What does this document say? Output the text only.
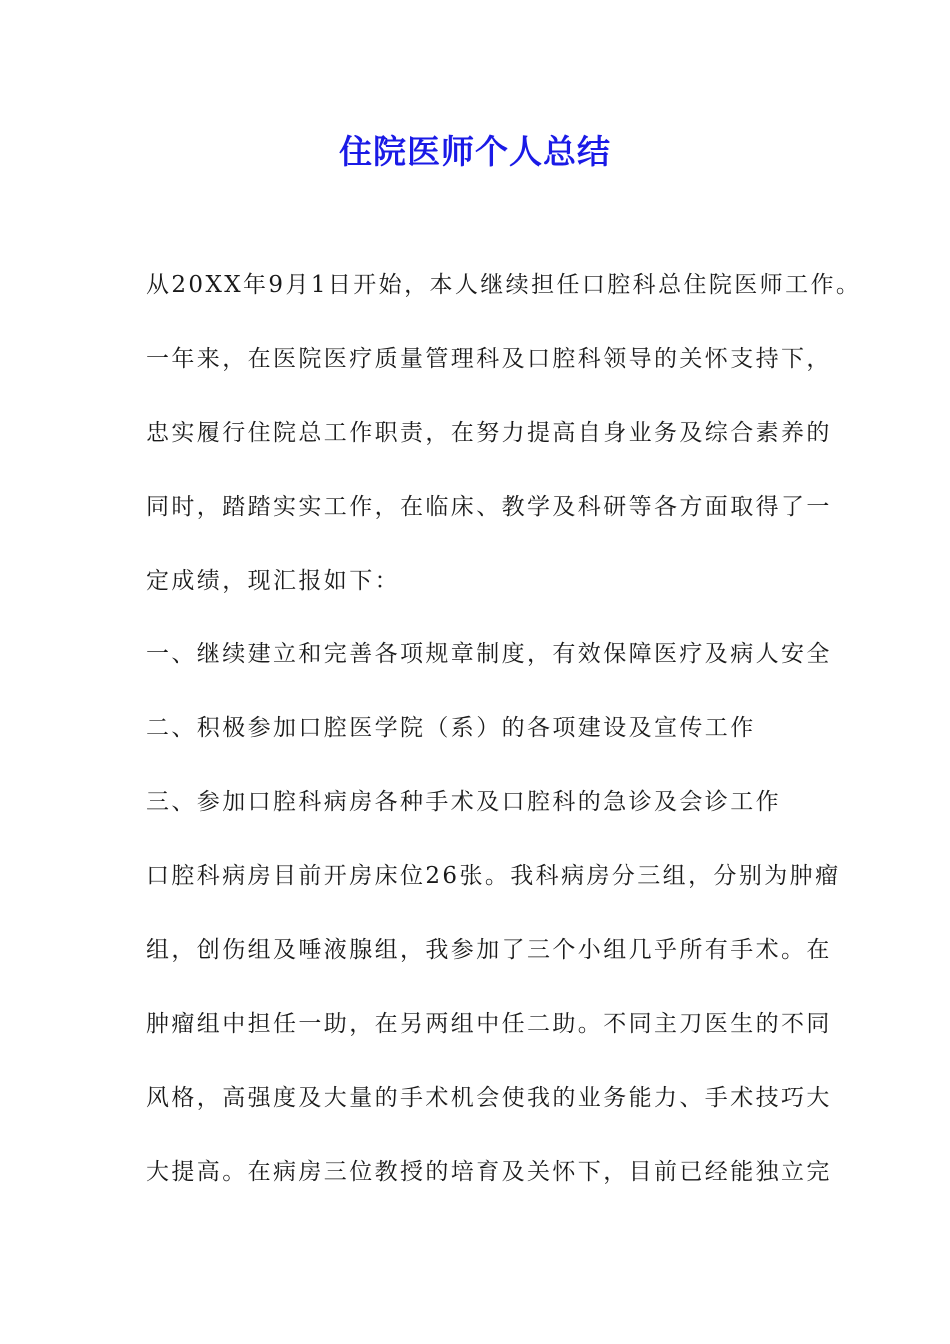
住院医师个人总结
从20XX年9月1日开始，本人继续担任口腔科总住院医师工作。
一年来，在医院医疗质量管理科及口腔科领导的关怀支持下，
忠实履行住院总工作职责，在努力提高自身业务及综合素养的
同时，踏踏实实工作，在临床、教学及科研等各方面取得了一
定成绩，现汇报如下：
一、继续建立和完善各项规章制度，有效保障医疗及病人安全
二、积极参加口腔医学院（系）的各项建设及宣传工作
三、参加口腔科病房各种手术及口腔科的急诊及会诊工作
口腔科病房目前开房床位26张。我科病房分三组，分别为肿瘤
组，创伤组及唾液腺组，我参加了三个小组几乎所有手术。在
肿瘤组中担任一助，在另两组中任二助。不同主刀医生的不同
风格，高强度及大量的手术机会使我的业务能力、手术技巧大
大提高。在病房三位教授的培育及关怀下，目前已经能独立完
